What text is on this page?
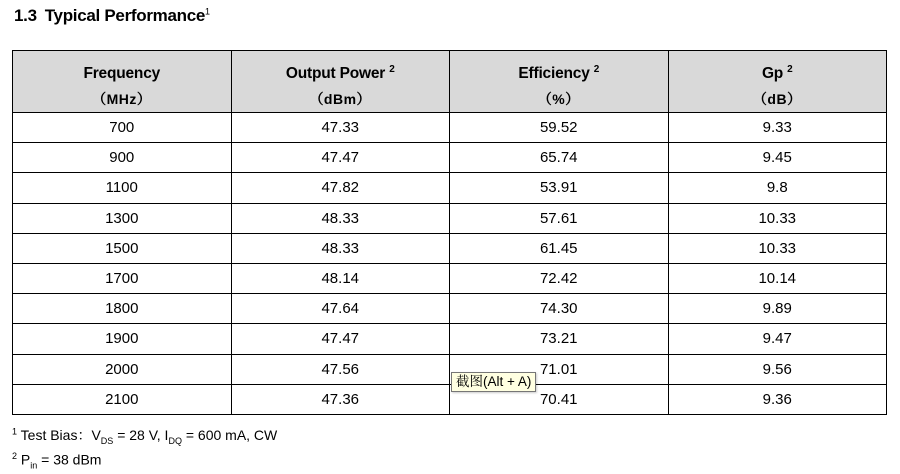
1.3 Typical Performance$^1$
Frequency	Output Power $^2$	Efficiency $^2$	Gp $^2$
（MHz）	（dBm）	（%）	（dB）
700	47.33	59.52	9.33
900	47.47	65.74	9.45
1100	47.82	53.91	9.8
1300	48.33	57.61	10.33
1500	48.33	61.45	10.33
1700	48.14	72.42	10.14
1800	47.64	74.30	9.89
1900	47.47	73.21	9.47
2000	47.56	71.01	9.56
2100	47.36	70.41	9.36
截图(Alt + A)
$^1$ Test Bias：$V_{DS} = 28$ V, $I_{DQ} = 600$ mA, CW
$^2$ $P_{in} = 38$ dBm
